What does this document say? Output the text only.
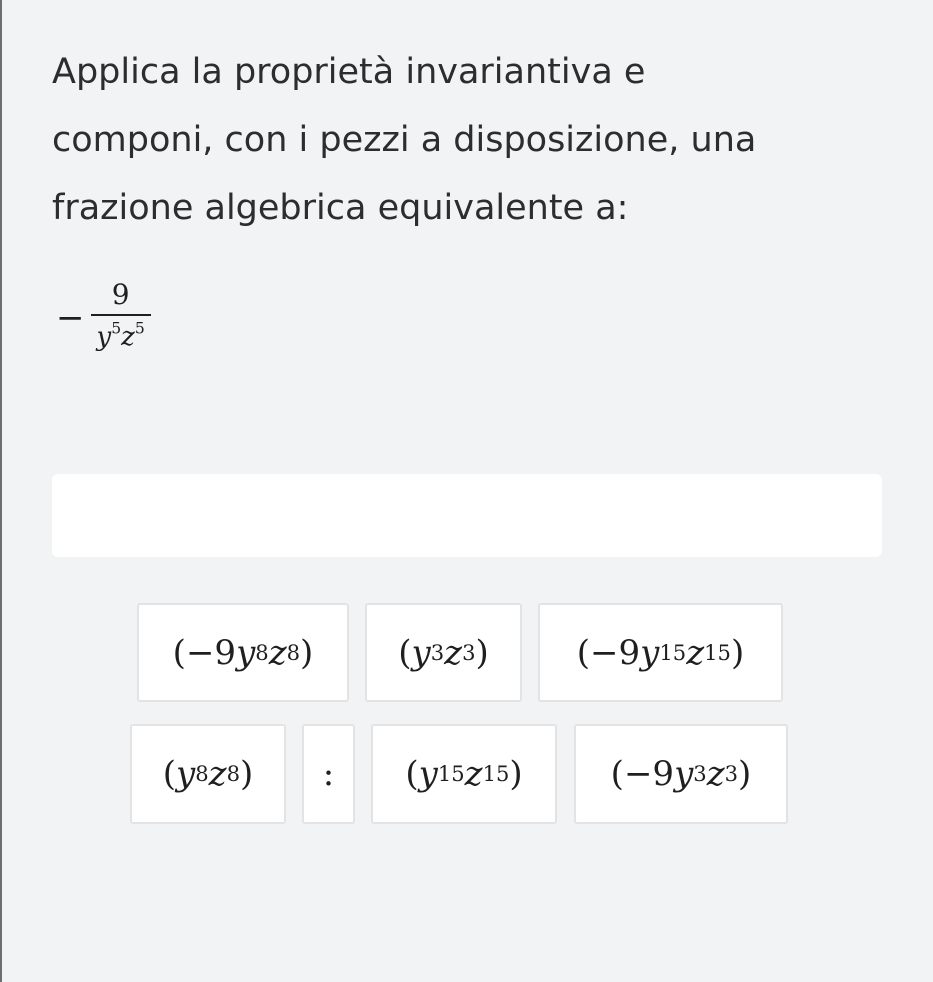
Applica la proprietà invariantiva e
componi, con i pezzi a disposizione, una
frazione algebrica equivalente a:
− $\frac{9}{y^5z^5}$
( −9 y 8 z 8 ) ( y 3 z 3 )	( −9 y 15 z 15 )
( y 8 z 8 ) : ( y 15 z 15 )	( −9 y 3 z 3 )
